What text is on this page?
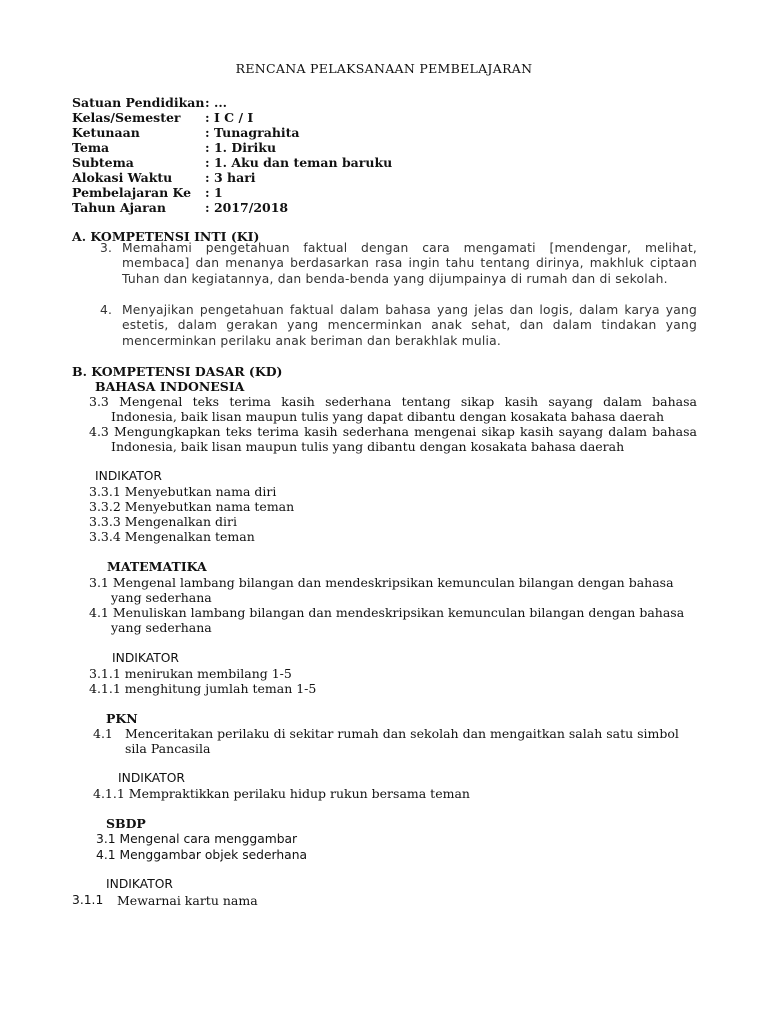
RENCANA PELAKSANAAN PEMBELAJARAN
Satuan Pendidikan : ...
Kelas/Semester : I C / I
Ketunaan	: Tunagrahita
Tema	: 1. Diriku
Subtema	: 1. Aku dan teman baruku
Alokasi Waktu	: 3 hari
Pembelajaran Ke : 1
Tahun Ajaran	: 2017/2018
A. KOMPETENSI INTI (KI)
3. Memahami pengetahuan faktual dengan cara mengamati [mendengar, melihat, membaca] dan menanya berdasarkan rasa ingin tahu tentang dirinya, makhluk ciptaan Tuhan dan kegiatannya, dan benda-benda yang dijumpainya di rumah dan di sekolah.
4. Menyajikan pengetahuan faktual dalam bahasa yang jelas dan logis, dalam karya yang estetis, dalam gerakan yang mencerminkan anak sehat, dan dalam tindakan yang mencerminkan perilaku anak beriman dan berakhlak mulia.
B. KOMPETENSI DASAR (KD)
BAHASA INDONESIA
3.3 Mengenal teks terima kasih sederhana tentang sikap kasih sayang dalam bahasa Indonesia, baik lisan maupun tulis yang dapat dibantu dengan kosakata bahasa daerah
4.3 Mengungkapkan teks terima kasih sederhana mengenai sikap kasih sayang dalam bahasa Indonesia, baik lisan maupun tulis yang dibantu dengan kosakata bahasa daerah
INDIKATOR
3.3.1 Menyebutkan nama diri
3.3.2 Menyebutkan nama teman
3.3.3 Mengenalkan diri
3.3.4 Mengenalkan teman
MATEMATIKA
3.1 Mengenal lambang bilangan dan mendeskripsikan kemunculan bilangan dengan bahasa yang sederhana
4.1 Menuliskan lambang bilangan dan mendeskripsikan kemunculan bilangan dengan bahasa yang sederhana
INDIKATOR
3.1.1 menirukan membilang 1-5
4.1.1 menghitung jumlah teman 1-5
PKN
4.1 Menceritakan perilaku di sekitar rumah dan sekolah dan mengaitkan salah satu simbol sila Pancasila
INDIKATOR
4.1.1 Mempraktikkan perilaku hidup rukun bersama teman
SBDP
3.1 Mengenal cara menggambar
4.1 Menggambar objek sederhana
INDIKATOR
3.1.1 Mewarnai kartu nama
